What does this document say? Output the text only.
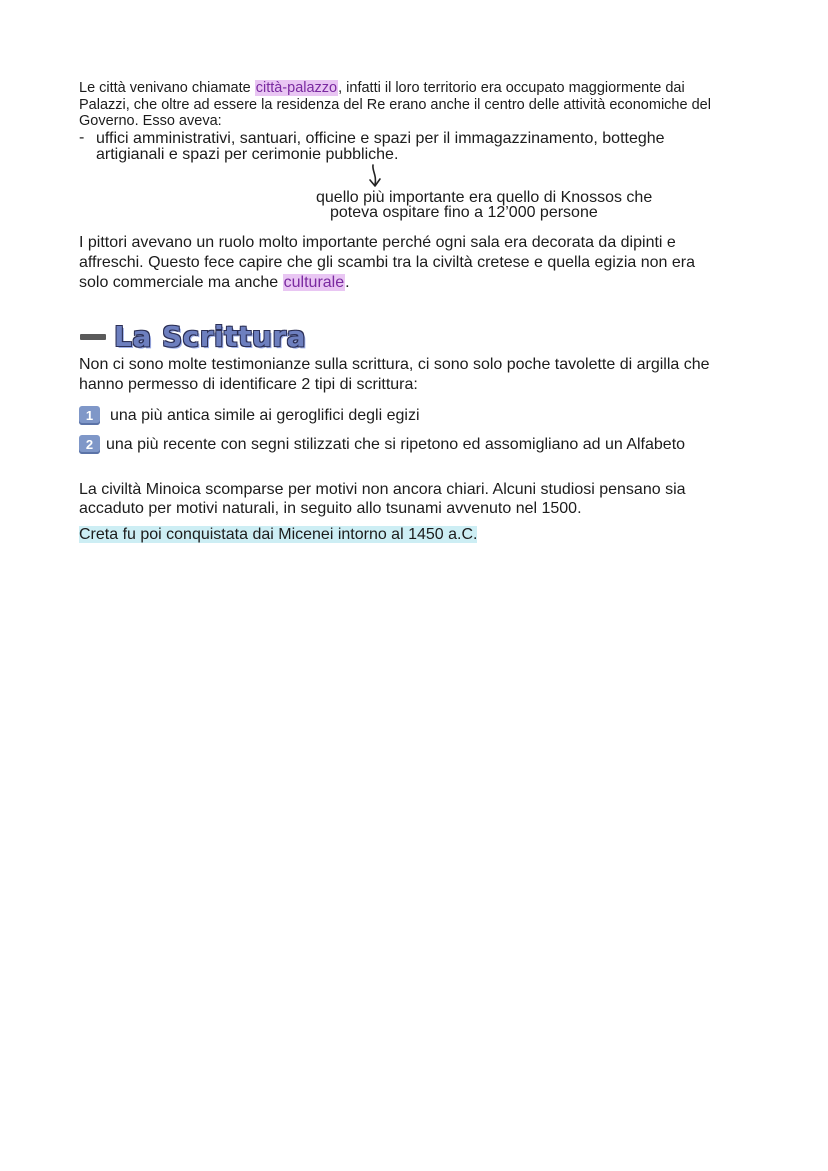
Le città venivano chiamate città-palazzo, infatti il loro territorio era occupato maggiormente dai
Palazzi, che oltre ad essere la residenza del Re erano anche il centro delle attività economiche del
Governo. Esso aveva:
- uffici amministrativi, santuari, officine e spazi per il immagazzinamento, botteghe
artigianali e spazi per cerimonie pubbliche.
quello più importante era quello di Knossos che
poteva ospitare fino a 12’000 persone
I pittori avevano un ruolo molto importante perché ogni sala era decorata da dipinti e
affreschi. Questo fece capire che gli scambi tra la civiltà cretese e quella egizia non era
solo commerciale ma anche culturale.
La Scrittura
Non ci sono molte testimonianze sulla scrittura, ci sono solo poche tavolette di argilla che
hanno permesso di identificare 2 tipi di scrittura:
1	una più antica simile ai geroglifici degli egizi
2 una più recente con segni stilizzati che si ripetono ed assomigliano ad un Alfabeto
La civiltà Minoica scomparse per motivi non ancora chiari. Alcuni studiosi pensano sia
accaduto per motivi naturali, in seguito allo tsunami avvenuto nel 1500.
Creta fu poi conquistata dai Micenei intorno al 1450 a.C.
